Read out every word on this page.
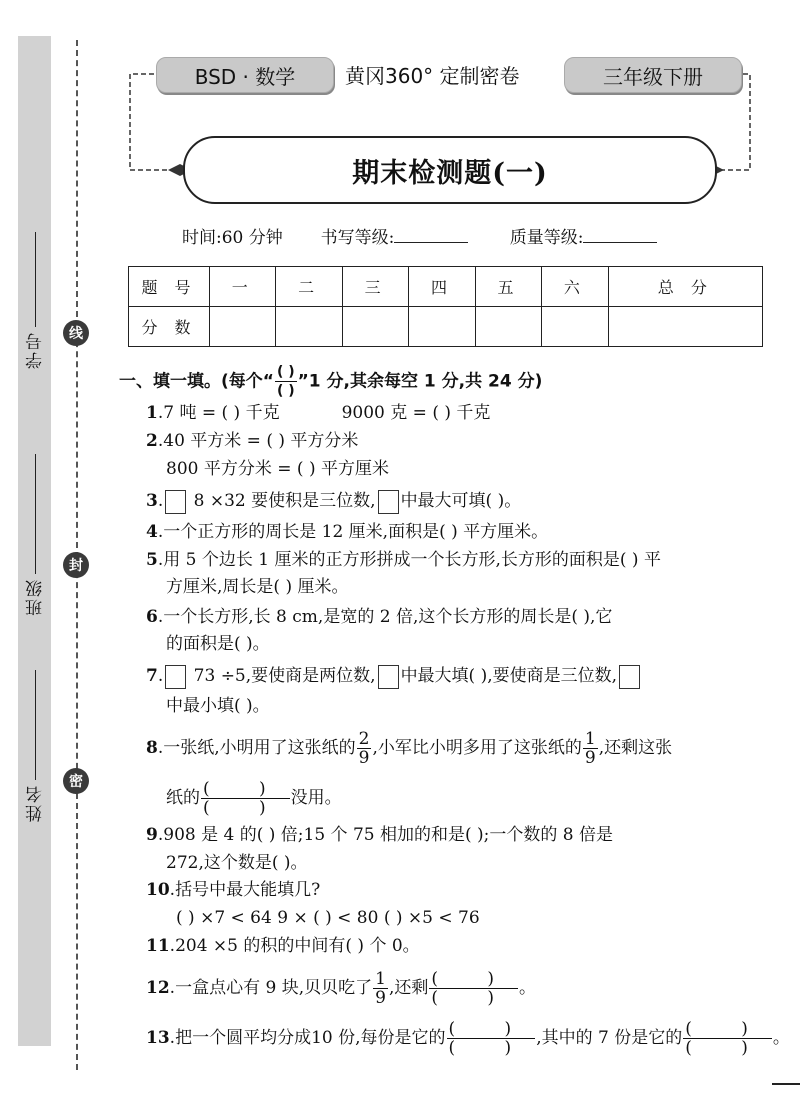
学号
班级
姓名
线
封
密
BSD · 数学	黄冈360° 定制密卷	三年级下册
期末检测题(一)
时间:60 分钟 书写等级:	质量等级:
题 号	一	二	三	四	五	六	总 分
分 数							
一、填一填。(每个“ $\frac{( )}{( )}$ ”1 分,其余每空 1 分,共 24 分)
1.7 吨 = ( ) 千克	9000 克 = ( ) 千克
2.40 平方米 = ( ) 平方分米
800 平方分米 = ( ) 平方厘米
3. 8 ×32 要使积是三位数, 中最大可填( )。
4.一个正方形的周长是 12 厘米,面积是( ) 平方厘米。
5.用 5 个边长 1 厘米的正方形拼成一个长方形,长方形的面积是( ) 平
方厘米,周长是( ) 厘米。
6.一个长方形,长 8 cm,是宽的 2 倍,这个长方形的周长是( ),它
的面积是( )。
7. 73 ÷5,要使商是两位数, 中最大填( ),要使商是三位数,
中最小填( )。
8.一张纸,小明用了这张纸的 $\frac{2}{9}$ ,小军比小明多用了这张纸的 $\frac{1}{9}$ ,还剩这张
纸的 $\frac{( )}{( )}$ 没用。
9.908 是 4 的( ) 倍;15 个 75 相加的和是( );一个数的 8 倍是
272,这个数是( )。
10.括号中最大能填几?
( ) ×7 < 64 9 × ( ) < 80 ( ) ×5 < 76
11.204 ×5 的积的中间有( ) 个 0。
12.一盒点心有 9 块,贝贝吃了 $\frac{1}{9}$ ,还剩 $\frac{( )}{( )}$ 。
13.把一个圆平均分成10 份,每份是它的 $\frac{( )}{( )}$ ,其中的 7 份是它的 $\frac{( )}{( )}$ 。
